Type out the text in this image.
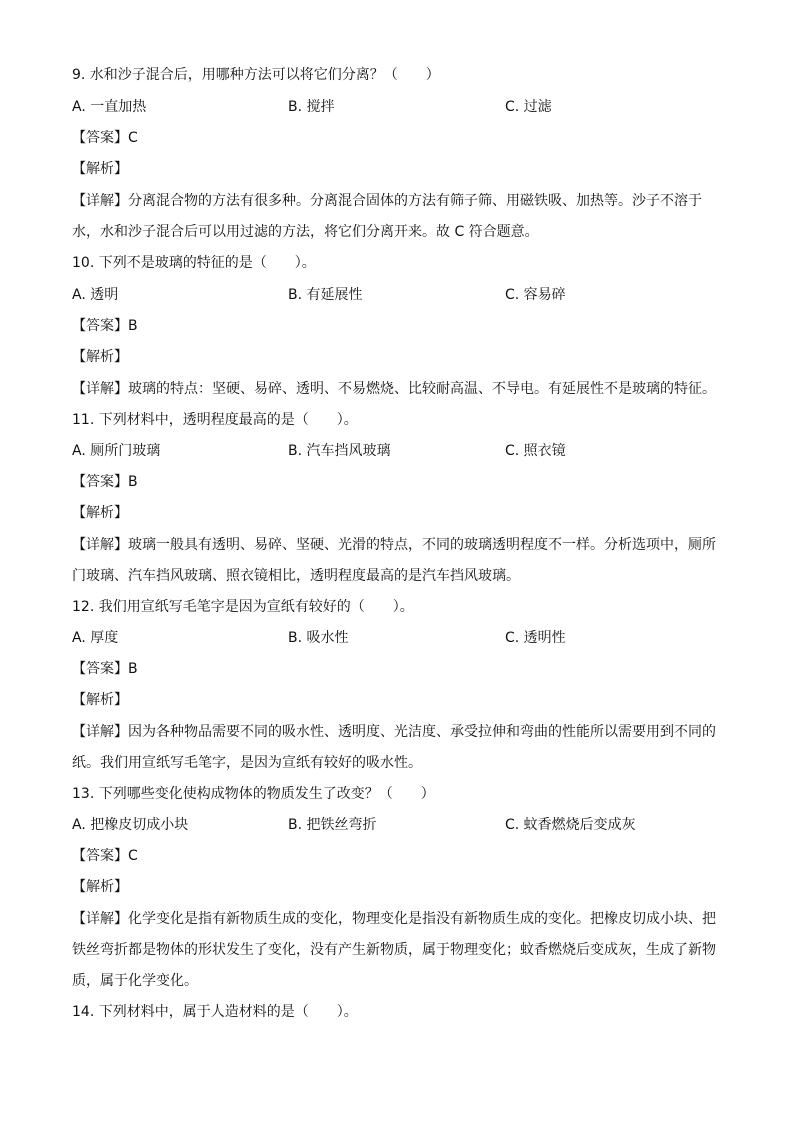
9. 水和沙子混合后，用哪种方法可以将它们分离？（　　）
A. 一直加热	B. 搅拌	C. 过滤
【答案】C
【解析】
【详解】分离混合物的方法有很多种。分离混合固体的方法有筛子筛、用磁铁吸、加热等。沙子不溶于
水，水和沙子混合后可以用过滤的方法，将它们分离开来。故 C 符合题意。
10. 下列不是玻璃的特征的是（　　）。
A. 透明	B. 有延展性	C. 容易碎
【答案】B
【解析】
【详解】玻璃的特点：坚硬、易碎、透明、不易燃烧、比较耐高温、不导电。有延展性不是玻璃的特征。
11. 下列材料中，透明程度最高的是（　　）。
A. 厕所门玻璃	B. 汽车挡风玻璃	C. 照衣镜
【答案】B
【解析】
【详解】玻璃一般具有透明、易碎、坚硬、光滑的特点，不同的玻璃透明程度不一样。分析选项中，厕所
门玻璃、汽车挡风玻璃、照衣镜相比，透明程度最高的是汽车挡风玻璃。
12. 我们用宣纸写毛笔字是因为宣纸有较好的（　　）。
A. 厚度	B. 吸水性	C. 透明性
【答案】B
【解析】
【详解】因为各种物品需要不同的吸水性、透明度、光洁度、承受拉伸和弯曲的性能所以需要用到不同的
纸。我们用宣纸写毛笔字，是因为宣纸有较好的吸水性。
13. 下列哪些变化使构成物体的物质发生了改变？（　　）
A. 把橡皮切成小块	B. 把铁丝弯折	C. 蚊香燃烧后变成灰
【答案】C
【解析】
【详解】化学变化是指有新物质生成的变化，物理变化是指没有新物质生成的变化。把橡皮切成小块、把
铁丝弯折都是物体的形状发生了变化，没有产生新物质，属于物理变化；蚊香燃烧后变成灰，生成了新物
质，属于化学变化。
14. 下列材料中，属于人造材料的是（　　）。
